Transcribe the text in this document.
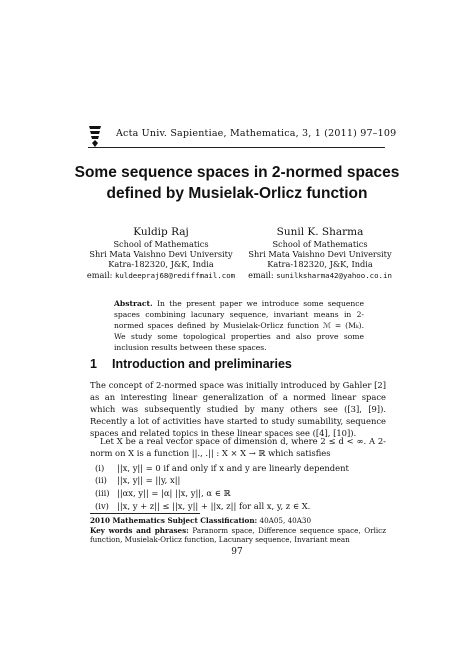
Acta Univ. Sapientiae, Mathematica, 3, 1 (2011) 97–109
Some sequence spaces in 2-normed spaces
defined by Musielak-Orlicz function
Kuldip Raj
School of Mathematics
Shri Mata Vaishno Devi University
Katra-182320, J&K, India
email: kuldeepraj68@rediffmail.com
Sunil K. Sharma
School of Mathematics
Shri Mata Vaishno Devi University
Katra-182320, J&K, India
email: sunilksharma42@yahoo.co.in
Abstract. In the present paper we introduce some sequence spaces combining lacunary sequence, invariant means in 2-normed spaces defined by Musielak-Orlicz function ℳ = (Mₖ). We study some topological properties and also prove some inclusion results between these spaces.
1 Introduction and preliminaries
The concept of 2-normed space was initially introduced by Gahler [2] as an interesting linear generalization of a normed linear space which was subsequently studied by many others see ([3], [9]). Recently a lot of activities have started to study sumability, sequence spaces and related topics in these linear spaces see ([4], [10]).
Let X be a real vector space of dimension d, where 2 ≤ d < ∞. A 2-norm on X is a function ||., .|| : X × X → ℝ which satisfies
(i) ||x, y|| = 0 if and only if x and y are linearly dependent
(ii) ||x, y|| = ||y, x||
(iii) ||αx, y|| = |α| ||x, y||, α ∈ ℝ
(iv) ||x, y + z|| ≤ ||x, y|| + ||x, z|| for all x, y, z ∈ X.
2010 Mathematics Subject Classification: 40A05, 40A30
Key words and phrases: Paranorm space, Difference sequence space, Orlicz function, Musielak-Orlicz function, Lacunary sequence, Invariant mean
97
